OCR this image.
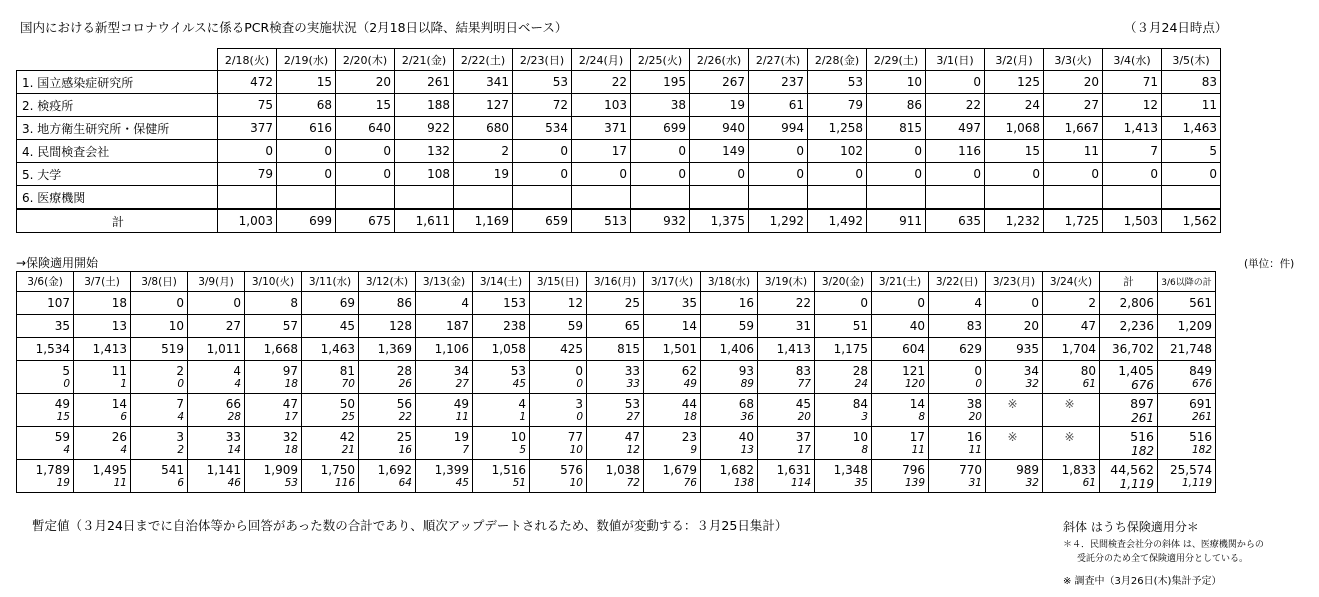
国内における新型コロナウイルスに係るPCR検査の実施状況（2月18日以降、結果判明日ベース）	（３月24日時点）
	2/18(火)	2/19(水)	2/20(木)	2/21(金)	2/22(土)	2/23(日)	2/24(月)	2/25(火)	2/26(水)	2/27(木)	2/28(金)	2/29(土)	3/1(日)	3/2(月)	3/3(火)	3/4(水)	3/5(木)
1. 国立感染症研究所	472	15	20	261	341	53	22	195	267	237	53	10	0	125	20	71	83
2. 検疫所	75	68	15	188	127	72	103	38	19	61	79	86	22	24	27	12	11
3. 地方衛生研究所・保健所	377	616	640	922	680	534	371	699	940	994	1,258	815	497	1,068	1,667	1,413	1,463
4. 民間検査会社	0	0	0	132	2	0	17	0	149	0	102	0	116	15	11	7	5
5. 大学	79	0	0	108	19	0	0	0	0	0	0	0	0	0	0	0	0
6. 医療機関																	
計	1,003	699	675	1,611	1,169	659	513	932	1,375	1,292	1,492	911	635	1,232	1,725	1,503	1,562
→保険適用開始	(単位：件)
3/6(金)	3/7(土)	3/8(日)	3/9(月)	3/10(火)	3/11(水)	3/12(木)	3/13(金)	3/14(土)	3/15(日)	3/16(月)	3/17(火)	3/18(水)	3/19(木)	3/20(金)	3/21(土)	3/22(日)	3/23(月)	3/24(火)	計	3/6以降の計
107	18	0	0	8	69	86	4	153	12	25	35	16	22	0	0	4	0	2	2,806	561
35	13	10	27	57	45	128	187	238	59	65	14	59	31	51	40	83	20	47	2,236	1,209
1,534	1,413	519	1,011	1,668	1,463	1,369	1,106	1,058	425	815	1,501	1,406	1,413	1,175	604	629	935	1,704	36,702	21,748
5	11	2	4	97	81	28	34	53	0	33	62	93	83	28	121	0	34	80	1,405	849
0	1	0	4	18	70	26	27	45	0	33	49	89	77	24	120	0	32	61	676	676
49	14	7	66	47	50	56	49	4	3	53	44	68	45	84	14	38	※	※	897	691
15	6	4	28	17	25	22	11	1	0	27	18	36	20	3	8	20			261	261
59	26	3	33	32	42	25	19	10	77	47	23	40	37	10	17	16	※	※	516	516
4	4	2	14	18	21	16	7	5	10	12	9	13	17	8	11	11			182	182
1,789	1,495	541	1,141	1,909	1,750	1,692	1,399	1,516	576	1,038	1,679	1,682	1,631	1,348	796	770	989	1,833	44,562	25,574
19	11	6	46	53	116	64	45	51	10	72	76	138	114	35	139	31	32	61	1,119	1,119
暫定値（３月24日までに自治体等から回答があった数の合計であり、順次アップデートされるため、数値が変動する：３月25日集計）	斜体 はうち保険適用分＊
＊４．民間検査会社分の斜体 は、医療機関からの
受託分のため全て保険適用分としている。
※ 調査中（3月26日(木)集計予定）
